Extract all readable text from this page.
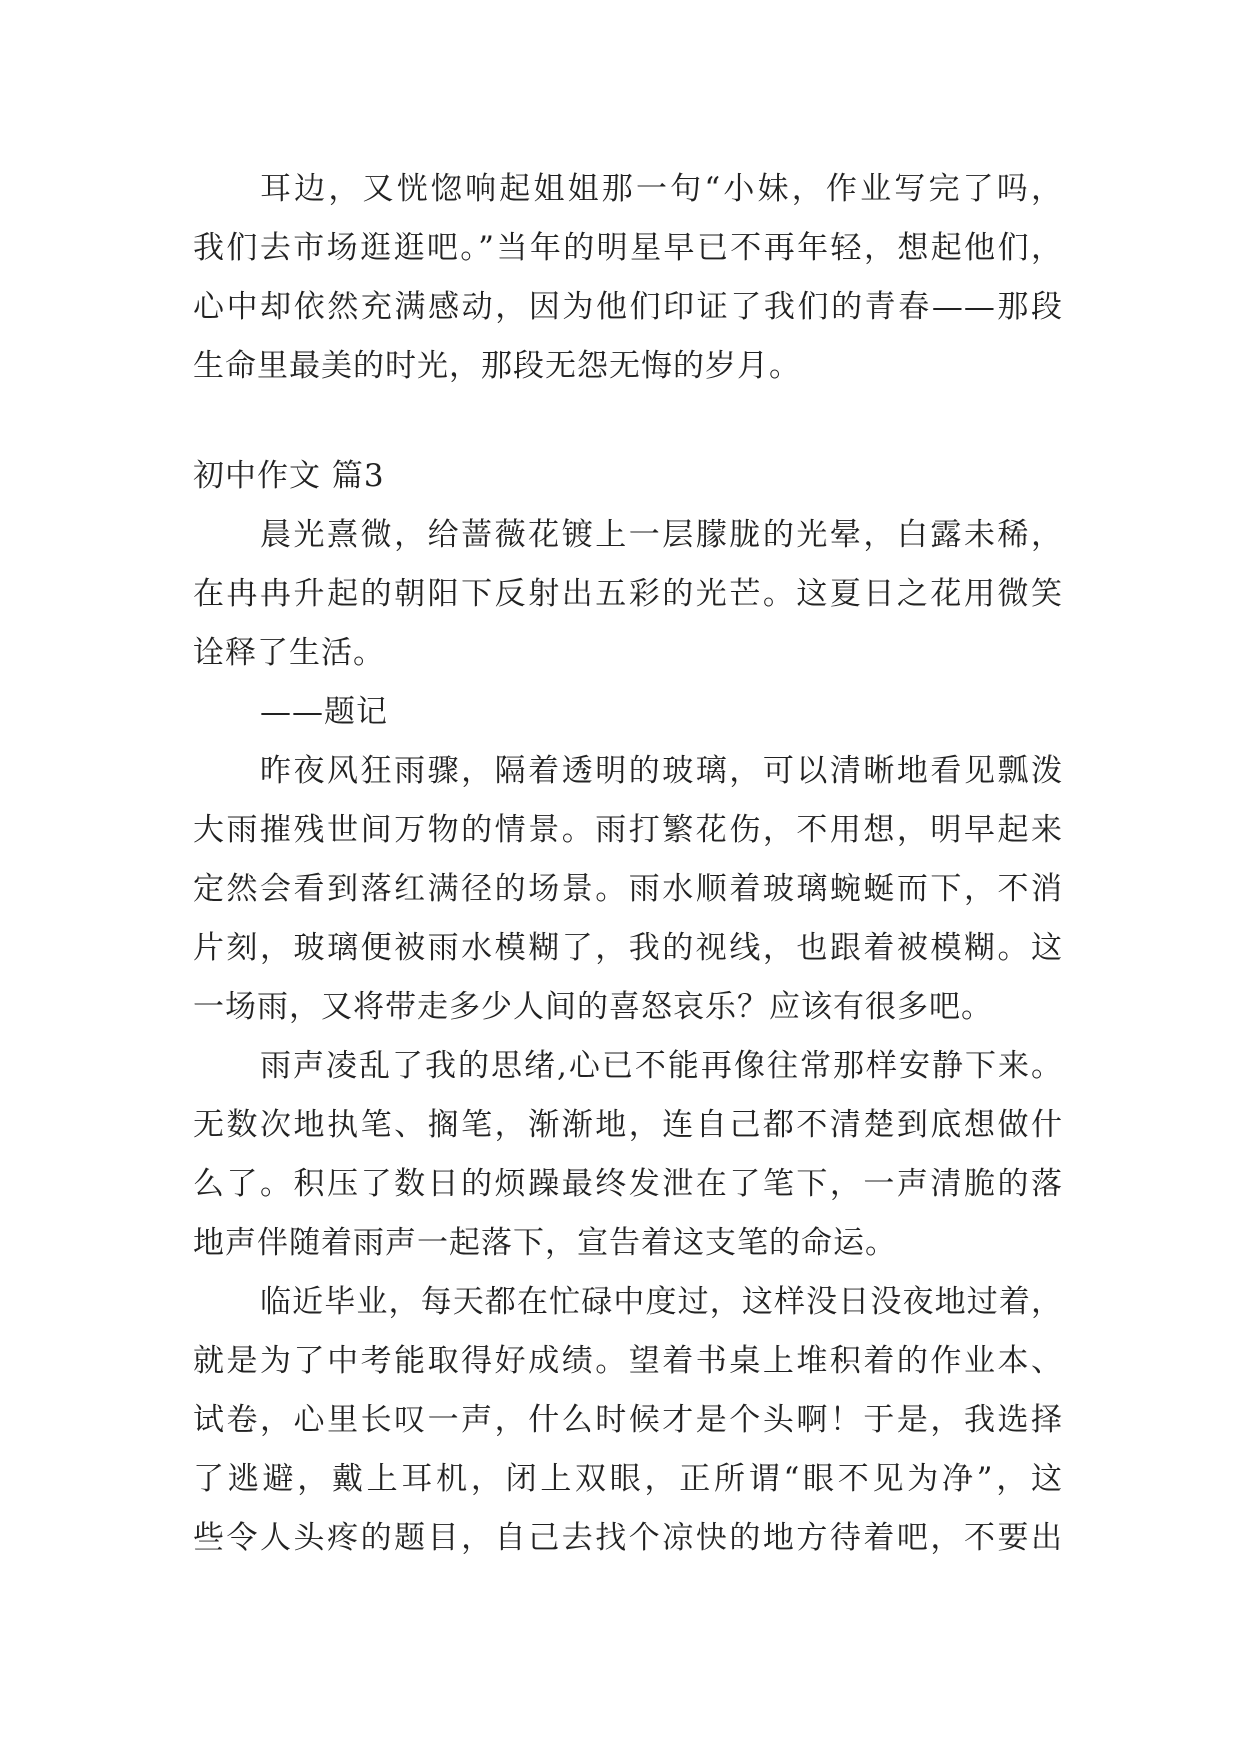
耳边，又恍惚响起姐姐那一句“小妹，作业写完了吗，
我们去市场逛逛吧。”当年的明星早已不再年轻，想起他们，
心中却依然充满感动，因为他们印证了我们的青春——那段
生命里最美的时光，那段无怨无悔的岁月。
初中作文 篇3
晨光熹微，给蔷薇花镀上一层朦胧的光晕，白露未稀，
在冉冉升起的朝阳下反射出五彩的光芒。这夏日之花用微笑
诠释了生活。
——题记
昨夜风狂雨骤，隔着透明的玻璃，可以清晰地看见瓢泼
大雨摧残世间万物的情景。雨打繁花伤，不用想，明早起来
定然会看到落红满径的场景。雨水顺着玻璃蜿蜒而下，不消
片刻，玻璃便被雨水模糊了，我的视线，也跟着被模糊。这
一场雨，又将带走多少人间的喜怒哀乐？应该有很多吧。
雨声凌乱了我的思绪,心已不能再像往常那样安静下来。
无数次地执笔、搁笔，渐渐地，连自己都不清楚到底想做什
么了。积压了数日的烦躁最终发泄在了笔下，一声清脆的落
地声伴随着雨声一起落下，宣告着这支笔的命运。
临近毕业，每天都在忙碌中度过，这样没日没夜地过着，
就是为了中考能取得好成绩。望着书桌上堆积着的作业本、
试卷，心里长叹一声，什么时候才是个头啊！于是，我选择
了逃避，戴上耳机，闭上双眼，正所谓“眼不见为净”，这
些令人头疼的题目，自己去找个凉快的地方待着吧，不要出
